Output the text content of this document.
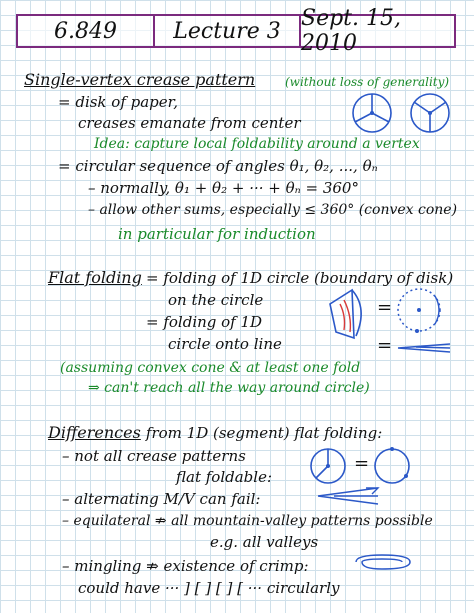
6.849	Lecture 3 Sept. 15, 2010
Single-vertex crease pattern (without loss of generality)
= disk of paper,
creases emanate from center
Idea: capture local foldability around a vertex
= circular sequence of angles θ₁, θ₂, ..., θₙ
– normally, θ₁ + θ₂ + ··· + θₙ = 360°
– allow other sums, especially ≤ 360° (convex cone)
in particular for induction
Flat folding = folding of 1D circle (boundary of disk)
on the circle
= folding of 1D
circle onto line
(assuming convex cone & at least one fold
⇒ can't reach all the way around circle)
=
=
Differences from 1D (segment) flat folding:
– not all crease patterns
flat foldable:
– alternating M/V can fail:
– equilateral ⇏ all mountain-valley patterns possible
e.g. all valleys
– mingling ⇏ existence of crimp:
could have ··· ] [ ] [ ] [ ··· circularly
=
